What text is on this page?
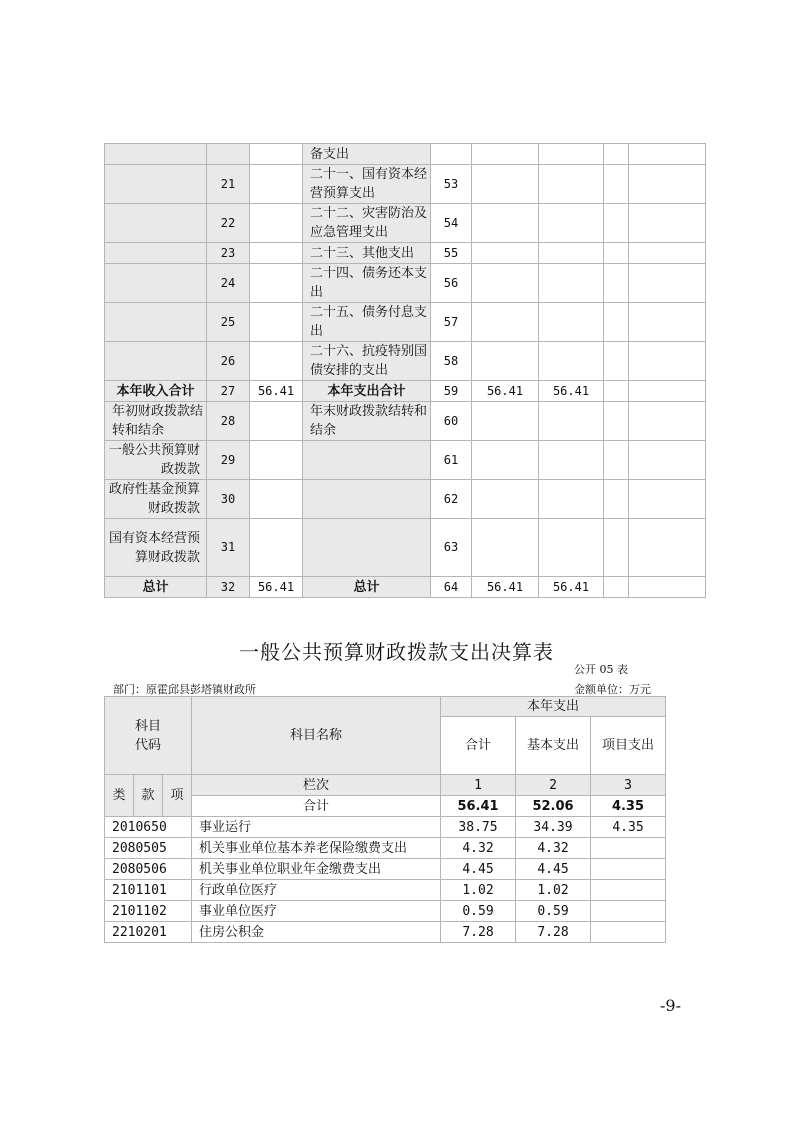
			备支出					
	21		二十一、国有资本经营预算支出	53				
	22		二十二、灾害防治及应急管理支出	54				
	23		二十三、其他支出	55				
	24		二十四、债务还本支出	56				
	25		二十五、债务付息支出	57				
	26		二十六、抗疫特别国债安排的支出	58				
本年收入合计	27	56.41	本年支出合计	59	56.41	56.41		
年初财政拨款结转和结余	28		年末财政拨款结转和结余	60				
一般公共预算财政拨款	29			61				
政府性基金预算财政拨款	30			62				
国有资本经营预算财政拨款	31			63				
总计	32	56.41	总计	64	56.41	56.41		
一般公共预算财政拨款支出决算表
公开 05 表
部门：原霍邱县彭塔镇财政所	金额单位：万元
科目代码			科目名称	本年支出		
				合计	基本支出	项目支出

类	款	项	栏次	1	2	3
			合计	56.41	52.06	4.35
2010650			事业运行	38.75	34.39	4.35
2080505			机关事业单位基本养老保险缴费支出	4.32	4.32	
2080506			机关事业单位职业年金缴费支出	4.45	4.45	
2101101			行政单位医疗	1.02	1.02	
2101102			事业单位医疗	0.59	0.59	
2210201			住房公积金	7.28	7.28	
-9-
